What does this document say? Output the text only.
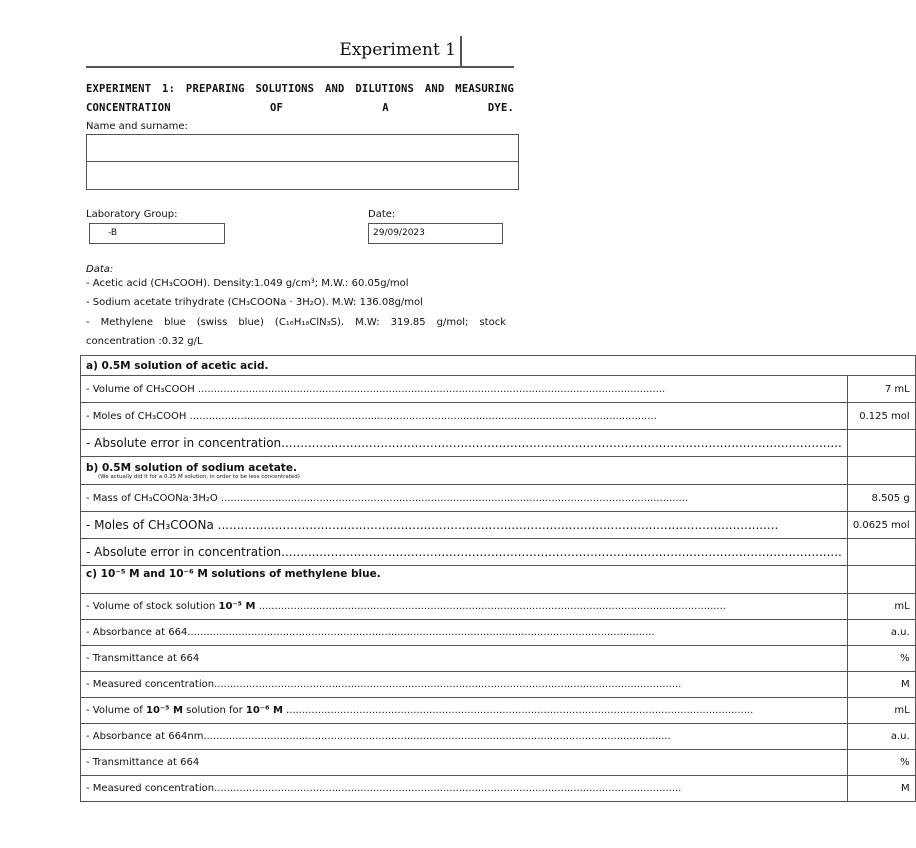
Experiment 1
EXPERIMENT 1: PREPARING SOLUTIONS AND DILUTIONS AND MEASURING CONCENTRATION OF A DYE.
Name and surname:
Laboratory Group:
-B
Date:
29/09/2023
Data:
- Acetic acid (CH₃COOH). Density:1.049 g/cm³; M.W.: 60.05g/mol
- Sodium acetate trihydrate (CH₃COONa · 3H₂O). M.W: 136.08g/mol
- Methylene blue (swiss blue) (C₁₆H₁₈ClN₃S). M.W: 319.85 g/mol; stock
concentration :0.32 g/L
a) 0.5M solution of acetic acid.	
- Volume of CH₃COOH .....	7 mL
- Moles of CH₃COOH .....	0.125 mol
- Absolute error in concentration .....	
b) 0.5M solution of sodium acetate.
(We actually did it for a 0.25 M solution, in order to be less concentrated)	

- Mass of CH₃COONa·3H₂O .....	8.505 g
- Moles of CH₃COONa .....	0.0625 mol
- Absolute error in concentration .....	
c) 10⁻⁵ M and 10⁻⁶ M solutions of methylene blue.	
- Volume of stock solution 10⁻⁵ M .....	mL
- Absorbance at 664 .....	a.u.
- Transmittance at 664	%
- Measured concentration .....	M
- Volume of 10⁻⁵ M solution for 10⁻⁶ M .....	mL
- Absorbance at 664nm .....	a.u.
- Transmittance at 664	%
- Measured concentration .....	M
